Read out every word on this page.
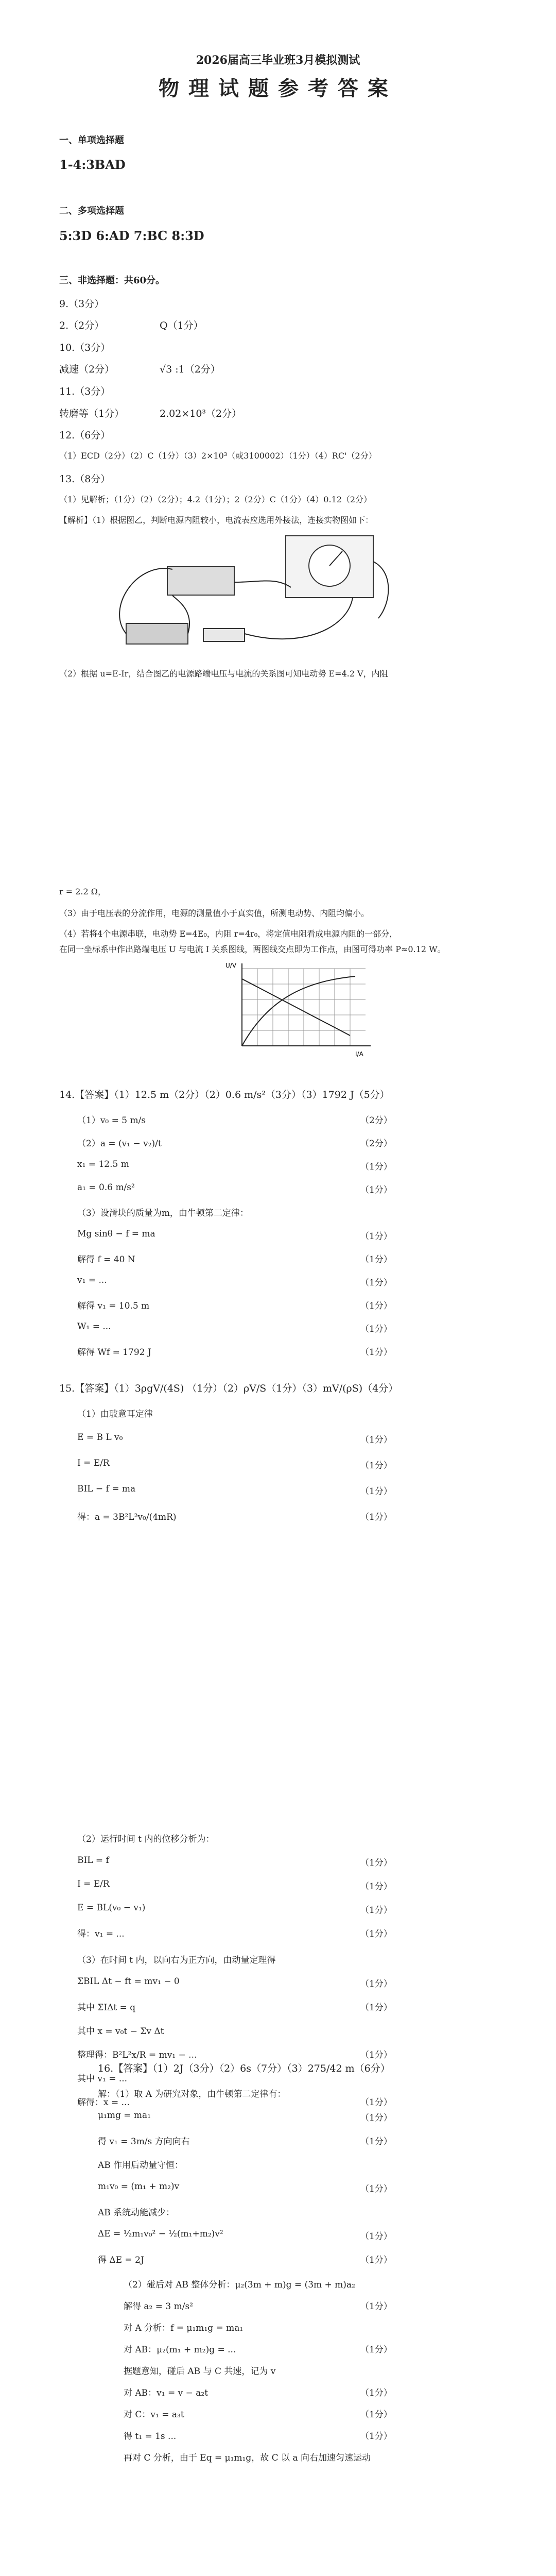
2026届高三毕业班3月模拟测试
物理试题参考答案
一、单项选择题
1-4:3BAD
二、多项选择题
5:3D 6:AD 7:BC 8:3D
三、非选择题：共60分。
9.（3分）
2.（2分）	Q（1分）
10.（3分）
减速（2分）	√3 :1（2分）
11.（3分）
转磨等（1分）	2.02×10³（2分）
12.（6分）
（1）ECD（2分）（2）C（1分）（3）2×10³（或3100002）（1分）（4）RC'（2分）
13.（8分）
（1）见解析；（1分）（2）（2分）；4.2（1分）；2（2分）C（1分）（4）0.12（2分）
【解析】（1）根据图乙，判断电源内阻较小，电流表应选用外接法，连接实物图如下：
（2）根据 u=E-Ir，结合图乙的电源路端电压与电流的关系图可知电动势 E=4.2 V，内阻
r = 2.2 Ω，
（3）由于电压表的分流作用，电源的测量值小于真实值，所测电动势、内阻均偏小。
（4）若将4个电源串联，电动势 E=4E₀，内阻 r=4r₀，将定值电阻看成电源内阻的一部分，
在同一坐标系中作出路端电压 U 与电流 I 关系图线，两图线交点即为工作点，由图可得功率 P≈0.12 W。
U/V
I/A
14.【答案】（1）12.5 m（2分）（2）0.6 m/s²（3分）（3）1792 J（5分）
（1）v₀ = 5 m/s	（2分）
（2）a = (v₁ − v₂)/t	（2分）
x₁ = 12.5 m	（1分）
a₁ = 0.6 m/s²	（1分）
（3）设滑块的质量为m，由牛顿第二定律：
Mg sinθ − f = ma	（1分）
解得 f = 40 N	（1分）
v₁ = ...	（1分）
解得 v₁ = 10.5 m	（1分）
W₁ = ...	（1分）
解得 Wf = 1792 J	（1分）
15.【答案】（1）3ρgV/(4S) （1分）（2）ρV/S（1分）（3）mV/(ρS)（4分）
（1）由玻意耳定律
E = B L v₀	（1分）
I = E/R	（1分）
BIL − f = ma	（1分）
得：a = 3B²L²v₀/(4mR)	（1分）
（2）运行时间 t 内的位移分析为：
BIL = f	（1分）
I = E/R	（1分）
E = BL(v₀ − v₁)	（1分）
得：v₁ = ...	（1分）
（3）在时间 t 内，以向右为正方向，由动量定理得
ΣBIL Δt − ft = mv₁ − 0	（1分）
其中 ΣIΔt = q	（1分）
其中 x = v₀t − Σv Δt
整理得：B²L²x/R = mv₁ − ...	（1分）
其中 v₁ = ...
解得：x = ...	（1分）
16.【答案】（1）2J（3分）（2）6s（7分）（3）275/42 m（6分）
解：（1）取 A 为研究对象，由牛顿第二定律有：
μ₁mg = ma₁	（1分）
得 v₁ = 3m/s 方向向右	（1分）
AB 作用后动量守恒：
m₁v₀ = (m₁ + m₂)v	（1分）
AB 系统动能减少：
ΔE = ½m₁v₀² − ½(m₁+m₂)v²	（1分）
得 ΔE = 2J	（1分）
（2）碰后对 AB 整体分析：μ₂(3m + m)g = (3m + m)a₂
解得 a₂ = 3 m/s²	（1分）
对 A 分析：f = μ₁m₁g = ma₁
对 AB：μ₂(m₁ + m₂)g = ...	（1分）
据题意知，碰后 AB 与 C 共速，记为 v
对 AB：v₁ = v − a₂t	（1分）
对 C：v₁ = a₃t	（1分）
得 t₁ = 1s ...	（1分）
再对 C 分析，由于 Eq = μ₁m₁g，故 C 以 a 向右加速匀速运动
